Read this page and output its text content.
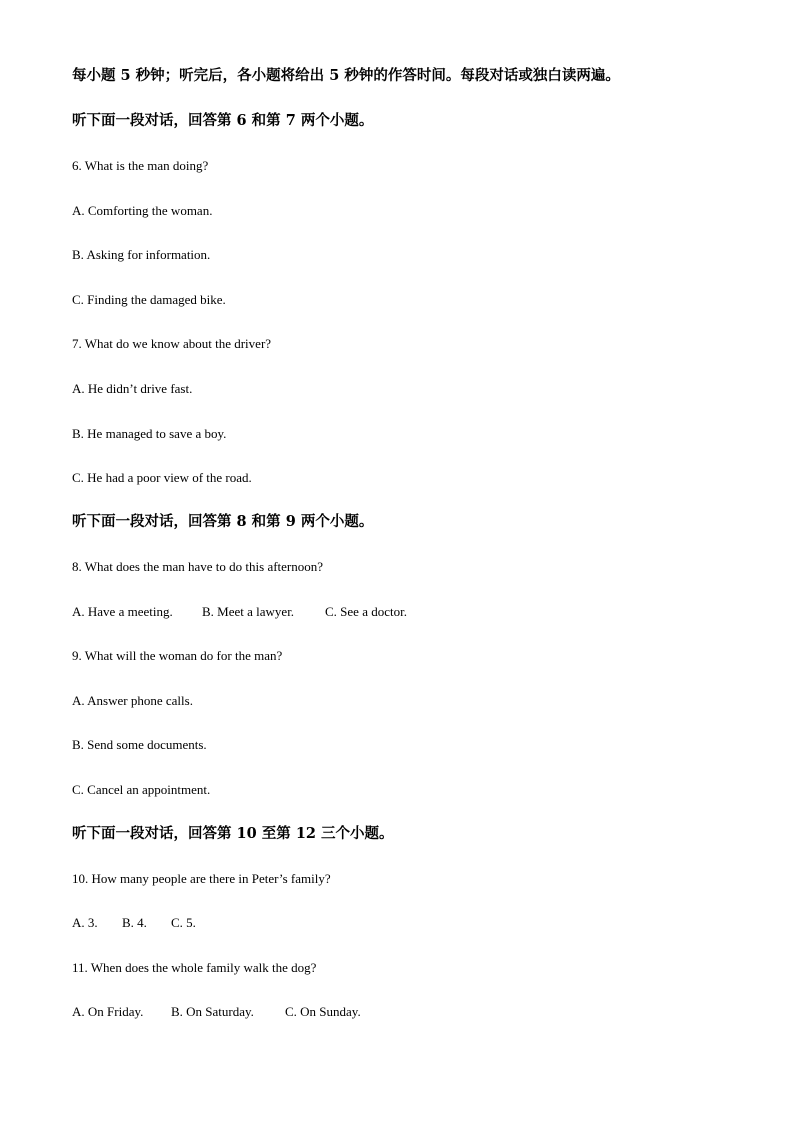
每小题 5 秒钟；听完后，各小题将给出 5 秒钟的作答时间。每段对话或独白读两遍。
听下面一段对话，回答第 6 和第 7 两个小题。
6. What is the man doing?
A. Comforting the woman.
B. Asking for information.
C. Finding the damaged bike.
7. What do we know about the driver?
A. He didn’t drive fast.
B. He managed to save a boy.
C. He had a poor view of the road.
听下面一段对话，回答第 8 和第 9 两个小题。
8. What does the man have to do this afternoon?
A. Have a meeting. B. Meet a lawyer. C. See a doctor.
9. What will the woman do for the man?
A. Answer phone calls.
B. Send some documents.
C. Cancel an appointment.
听下面一段对话，回答第 10 至第 12 三个小题。
10. How many people are there in Peter’s family?
A. 3. B. 4. C. 5.
11. When does the whole family walk the dog?
A. On Friday. B. On Saturday. C. On Sunday.
